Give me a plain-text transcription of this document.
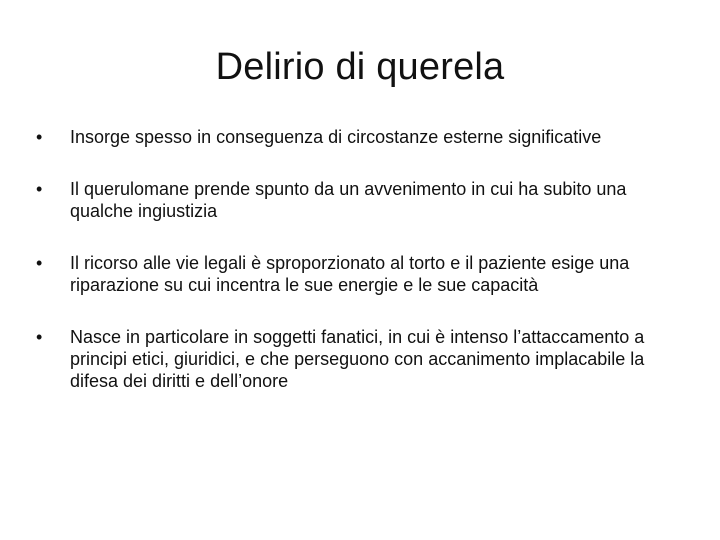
Delirio di querela
•	Insorge spesso in conseguenza di circostanze esterne significative
•	Il querulomane prende spunto da un avvenimento in cui ha subito una qualche ingiustizia
•	Il ricorso alle vie legali è sproporzionato al torto e il paziente esige una riparazione su cui incentra le sue energie e le sue capacità
•	Nasce in particolare in soggetti fanatici, in cui è intenso l’attaccamento a principi etici, giuridici, e che perseguono con accanimento implacabile la difesa dei diritti e dell’onore
